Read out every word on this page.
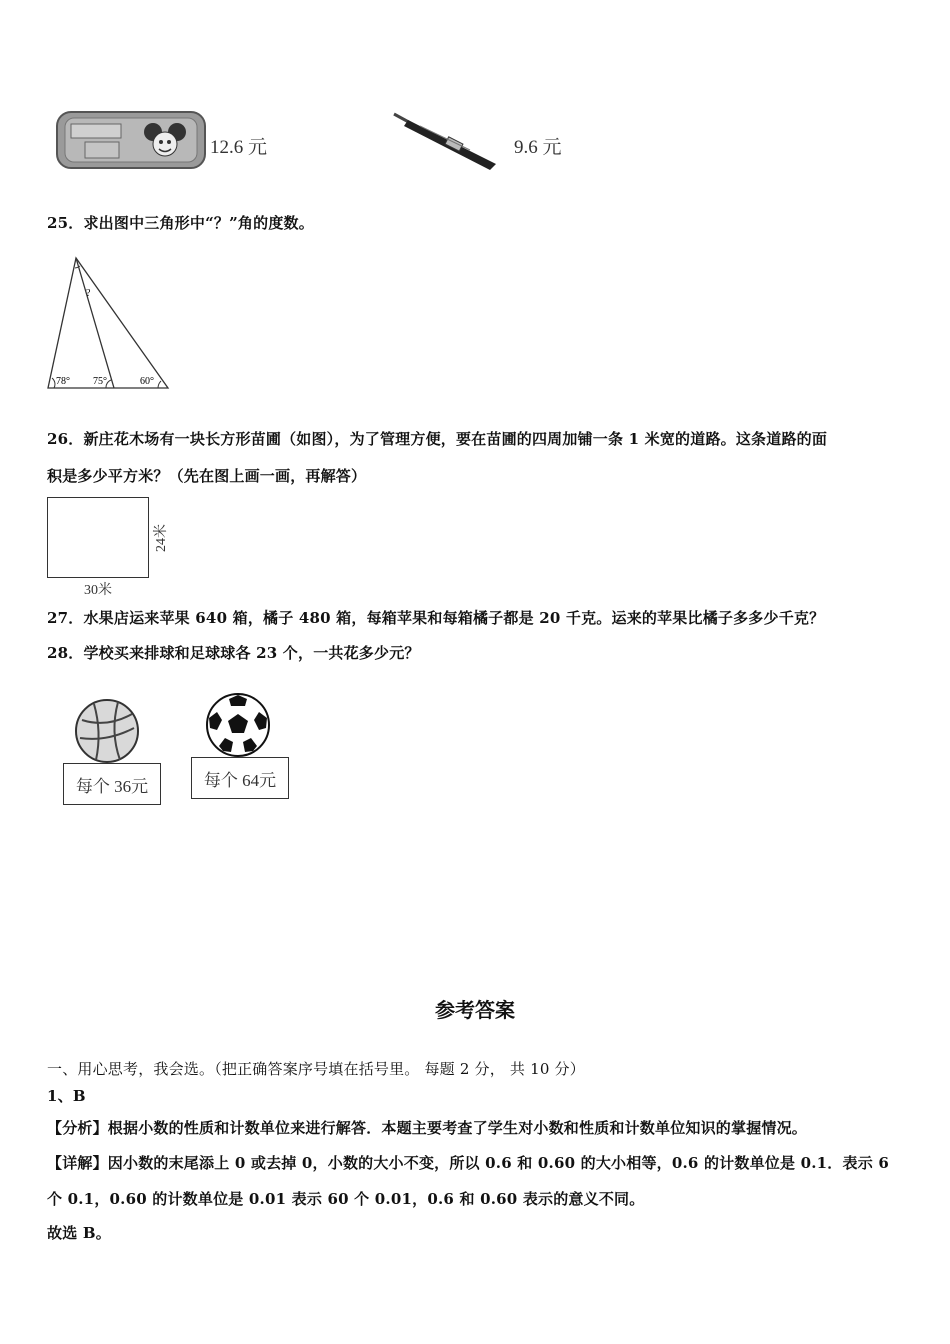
12.6 元	9.6 元
25．求出图中三角形中“？”角的度数。
?
78° 75°	60°
26．新庄花木场有一块长方形苗圃（如图），为了管理方便，要在苗圃的四周加铺一条 1 米宽的道路。这条道路的面
积是多少平方米？（先在图上画一画，再解答）
24米
30米
27．水果店运来苹果 640 箱，橘子 480 箱，每箱苹果和每箱橘子都是 20 千克。运来的苹果比橘子多多少千克？
28．学校买来排球和足球球各 23 个，一共花多少元？
每个 36元	每个 64元
参考答案
一、用心思考，我会选。（把正确答案序号填在括号里。 每题 2 分， 共 10 分）
1、B
【分析】根据小数的性质和计数单位来进行解答．本题主要考查了学生对小数和性质和计数单位知识的掌握情况。
【详解】因小数的末尾添上 0 或去掉 0，小数的大小不变，所以 0.6 和 0.60 的大小相等，0.6 的计数单位是 0.1．表示 6
个 0.1，0.60 的计数单位是 0.01 表示 60 个 0.01，0.6 和 0.60 表示的意义不同。
故选 B。
